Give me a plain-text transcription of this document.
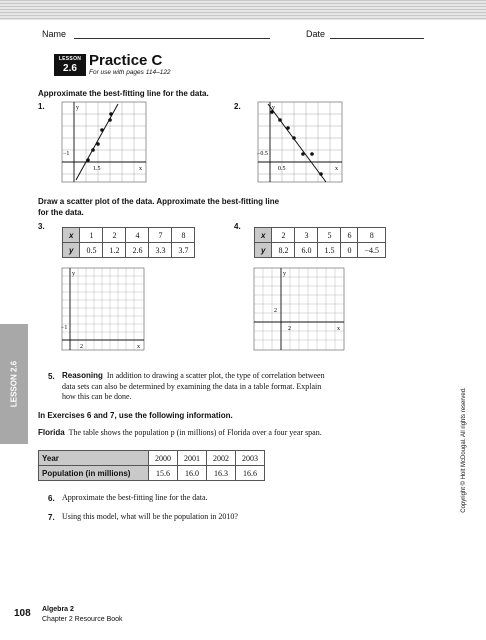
Name	Date
LESSON
2.6 Practice C
For use with pages 114–122
Approximate the best-fitting line for the data.
1.	2.
y
x
1.5
−1
y
x
0.5
−0.5
Draw a scatter plot of the data. Approximate the best-fitting line
for the data.
3.
x	1	2	4	7	8
y	0.5	1.2	2.6	3.3	3.7
4.
x	2	3	5	6	8
y	8.2	6.0	1.5	0	−4.5
y
x
2
−1
y
x
2
2
LESSON 2.6	5. Reasoning In addition to drawing a scatter plot, the type of correlation between
data sets can also be determined by examining the data in a table format. Explain
how this can be done.
In Exercises 6 and 7, use the following information.
Florida The table shows the population p (in millions) of Florida over a four year span.
Year	2000	2001	2002	2003
Population (in millions)	15.6	16.0	16.3	16.6
6. Approximate the best-fitting line for the data.
7. Using this model, what will be the population in 2010?
Copyright © Holt McDougal. All rights reserved.
108 Algebra 2
Chapter 2 Resource Book
